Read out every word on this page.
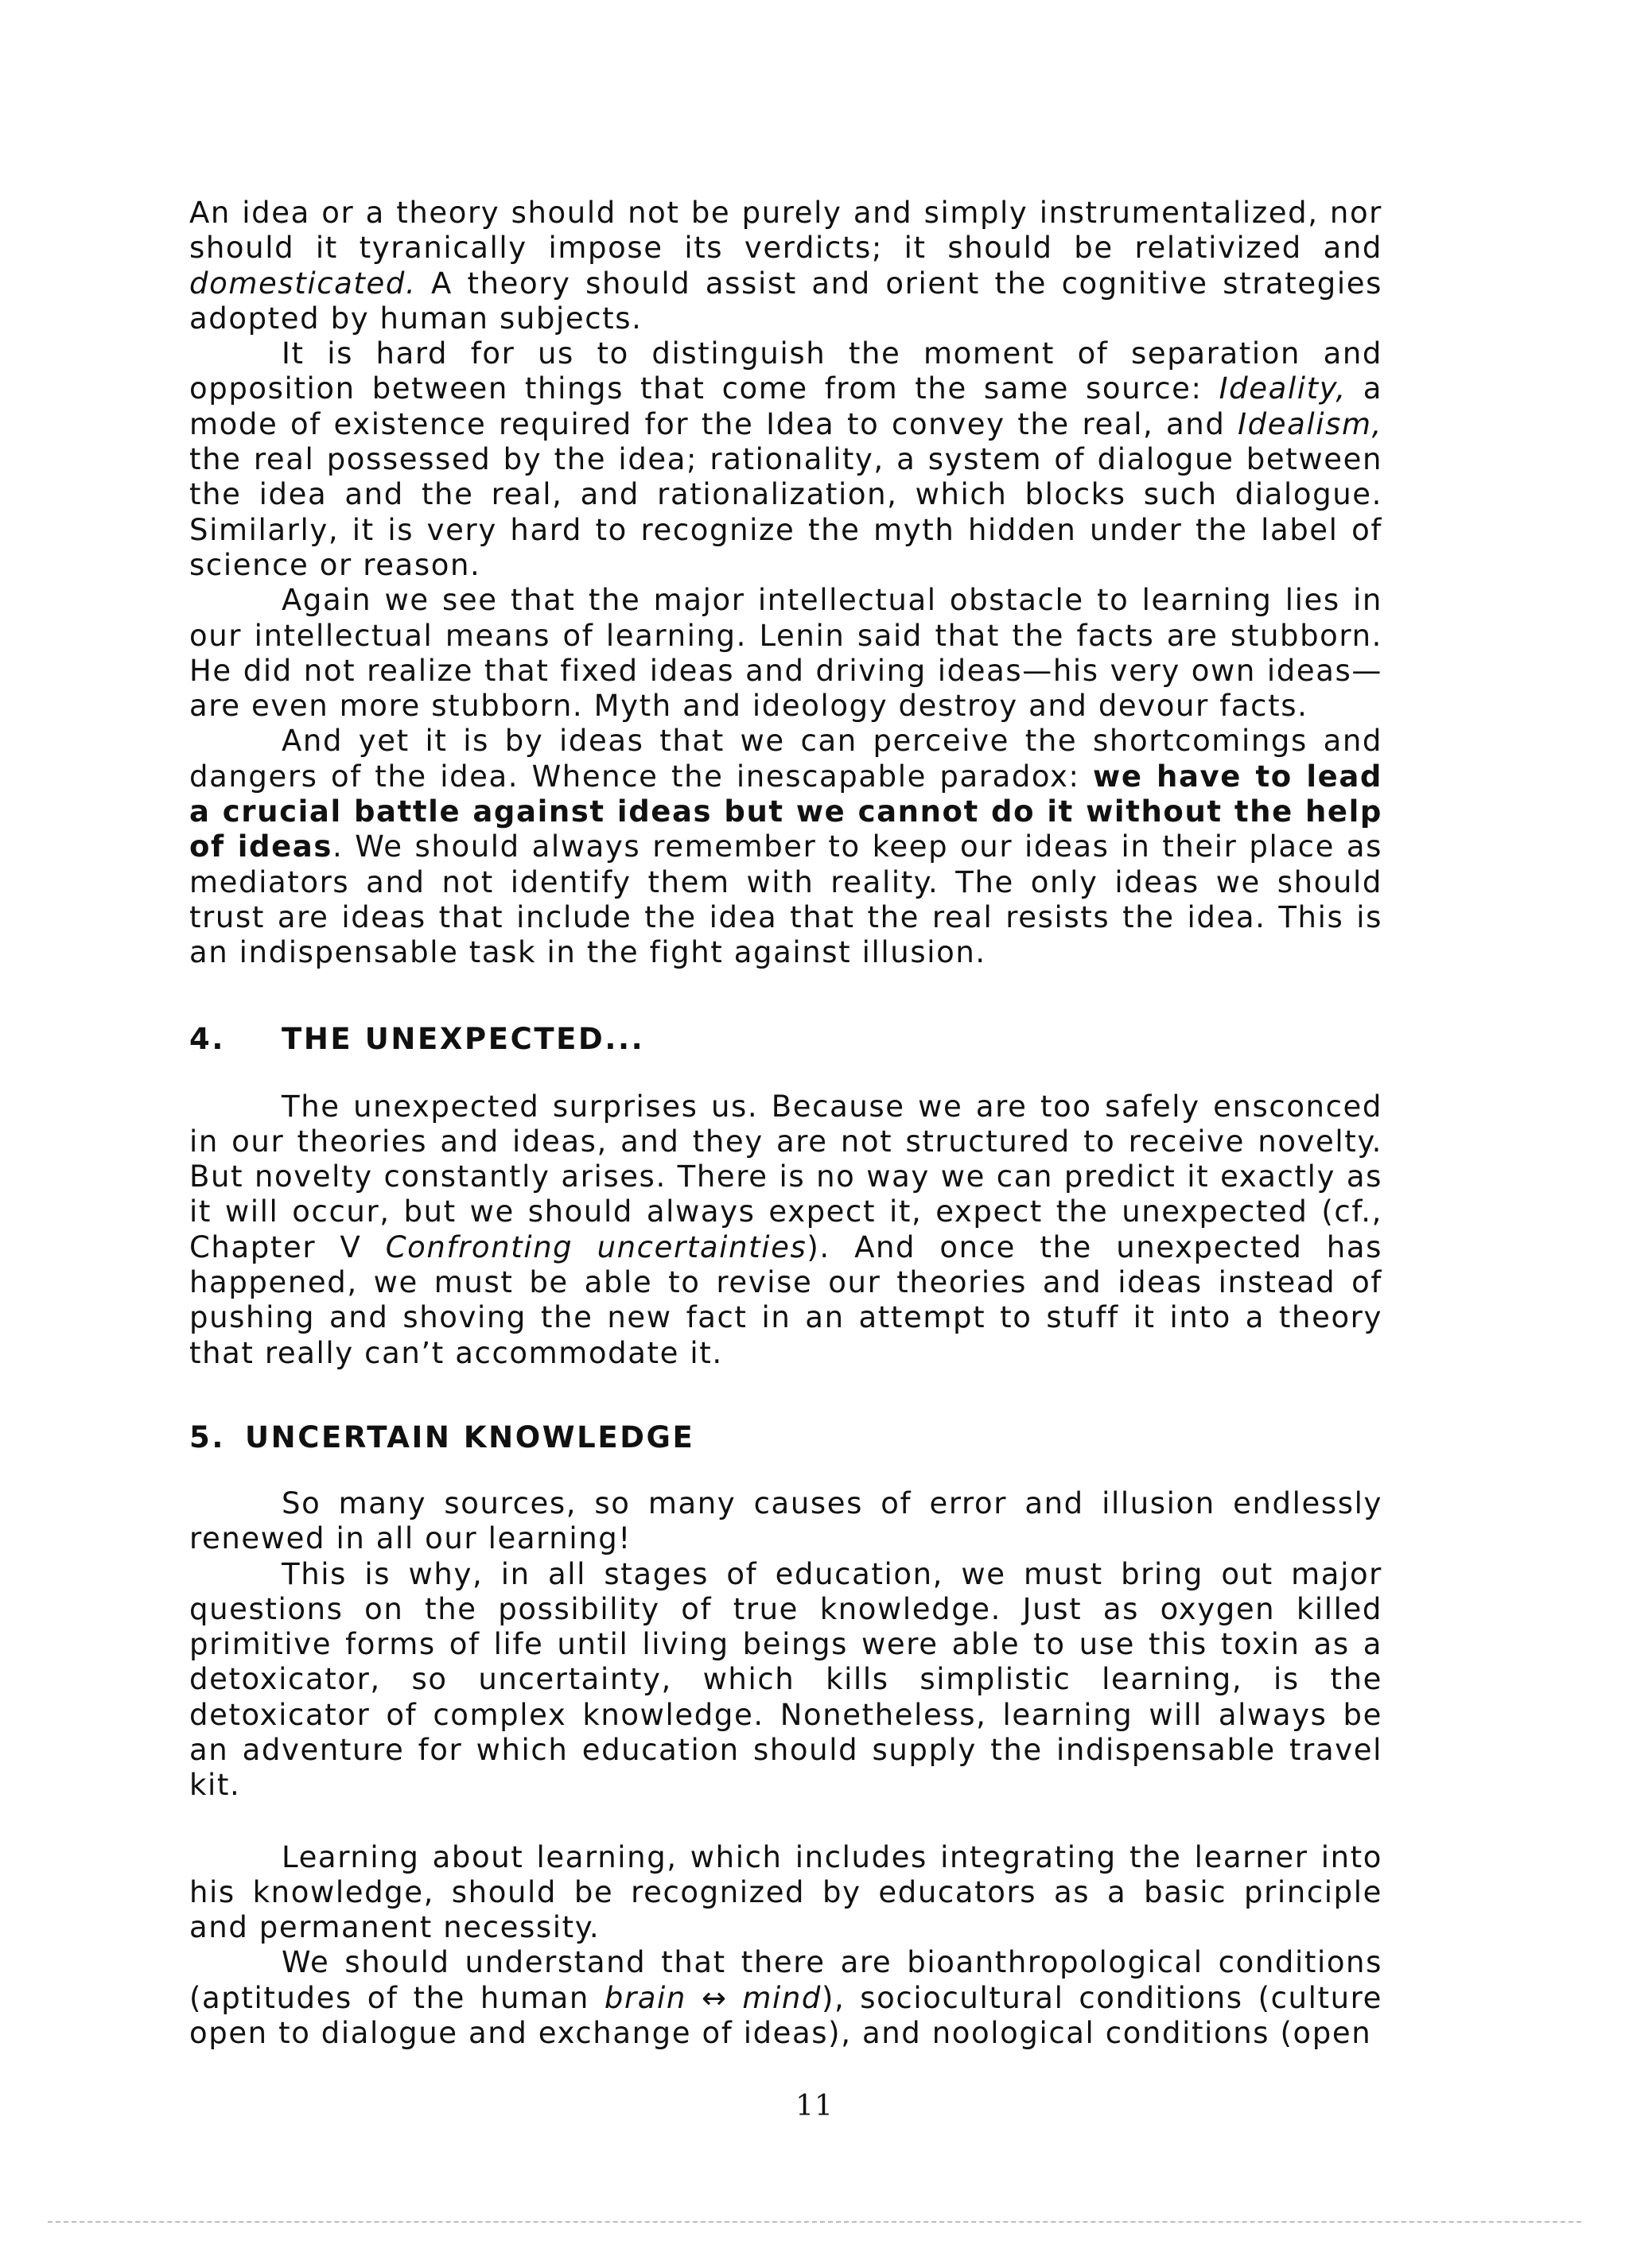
An idea or a theory should not be purely and simply instrumentalized, nor should it tyranically impose its verdicts; it should be relativized and domesticated. A theory should assist and orient the cognitive strategies adopted by human subjects.

It is hard for us to distinguish the moment of separation and opposition between things that come from the same source: Ideality, a mode of existence required for the Idea to convey the real, and Idealism, the real possessed by the idea; rationality, a system of dialogue between the idea and the real, and rationalization, which blocks such dialogue. Similarly, it is very hard to recognize the myth hidden under the label of science or reason.

Again we see that the major intellectual obstacle to learning lies in our intellectual means of learning. Lenin said that the facts are stubborn. He did not realize that fixed ideas and driving ideas—his very own ideas—are even more stubborn. Myth and ideology destroy and devour facts.

And yet it is by ideas that we can perceive the shortcomings and dangers of the idea. Whence the inescapable paradox: we have to lead a crucial battle against ideas but we cannot do it without the help of ideas. We should always remember to keep our ideas in their place as mediators and not identify them with reality. The only ideas we should trust are ideas that include the idea that the real resists the idea. This is an indispensable task in the fight against illusion.

4.	THE UNEXPECTED...

The unexpected surprises us. Because we are too safely ensconced in our theories and ideas, and they are not structured to receive novelty. But novelty constantly arises. There is no way we can predict it exactly as it will occur, but we should always expect it, expect the unexpected (cf., Chapter V Confronting uncertainties). And once the unexpected has happened, we must be able to revise our theories and ideas instead of pushing and shoving the new fact in an attempt to stuff it into a theory that really can’t accommodate it.

5. UNCERTAIN KNOWLEDGE

So many sources, so many causes of error and illusion endlessly renewed in all our learning!

This is why, in all stages of education, we must bring out major questions on the possibility of true knowledge. Just as oxygen killed primitive forms of life until living beings were able to use this toxin as a detoxicator, so uncertainty, which kills simplistic learning, is the detoxicator of complex knowledge. Nonetheless, learning will always be an adventure for which education should supply the indispensable travel kit.

Learning about learning, which includes integrating the learner into his knowledge, should be recognized by educators as a basic principle and permanent necessity.

We should understand that there are bioanthropological conditions (aptitudes of the human brain ↔ mind), sociocultural conditions (culture open to dialogue and exchange of ideas), and noological conditions (open

11
